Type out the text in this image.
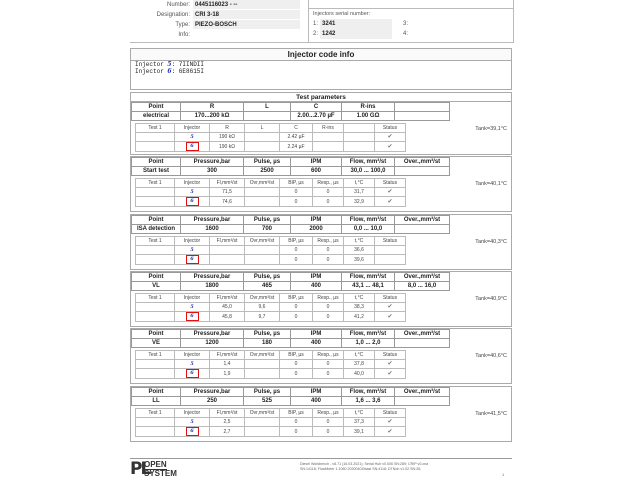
Number: 0445116023 - --
Designation: CRI 3-18
Type: PIEZO-BOSCH
Info:
Injectors serial number:
1: 3241	3:
2: 1242	4:
Injector code info
Injector 5: 7IINDII
Injector 6: 6E8615I
Test parameters
Point	R	L	C	R-ins	
electrical	170...200 kΩ		2.00...2.70 µF	1.00 GΩ	
Test 1	Injector	R	L	C	R-ins		Status
	5	190 kΩ		2.42 µF			✔
	6	190 kΩ		2.24 µF			✔
Tank=39,1°C
Point	Pressure,bar	Pulse, µs	IPM	Flow, mm³/st	Over.,mm³/st
Start test	300	2500	600	30,0 ... 100,0	
Test 1	Injector	Fl,mm³/st	Ovr,mm³/st	BIP, µs	Resp., µs	t,°C	Status
	5	71,5		0	0	31,7	✔
	6	74,6		0	0	32,9	✔
Tank=40,1°C
Point	Pressure,bar	Pulse, µs	IPM	Flow, mm³/st	Over.,mm³/st
ISA detection	1600	700	2000	0,0 ... 10,0	
Test 1	Injector	Fl,mm³/st	Ovr,mm³/st	BIP, µs	Resp., µs	t,°C	Status
	5			0	0	36,6	
	6			0	0	39,6	
Tank=40,3°C
Point	Pressure,bar	Pulse, µs	IPM	Flow, mm³/st	Over.,mm³/st
VL	1800	465	400	43,1 ... 48,1	8,0 ... 16,0
Test 1	Injector	Fl,mm³/st	Ovr,mm³/st	BIP, µs	Resp., µs	t,°C	Status
	5	45,0	9,6	0	0	38,3	✔
	6	45,8	9,7	0	0	41,2	✔
Tank=40,9°C
Point	Pressure,bar	Pulse, µs	IPM	Flow, mm³/st	Over.,mm³/st
VE	1200	180	400	1,0 ... 2,0	
Test 1	Injector	Fl,mm³/st	Ovr,mm³/st	BIP, µs	Resp., µs	t,°C	Status
	5	1,4		0	0	37,8	✔
	6	1,9		0	0	40,0	✔
Tank=40,6°C
Point	Pressure,bar	Pulse, µs	IPM	Flow, mm³/st	Over.,mm³/st
LL	250	525	400	1,6 ... 3,6	
Test 1	Injector	Fl,mm³/st	Ovr,mm³/st	BIP, µs	Resp., µs	t,°C	Status
	5	2,5		0	0	37,3	✔
	6	2,7		0	0	39,1	✔
Tank=41,5°C
PL
OPEN
SYSTEM
Diesel Workbench - v8.71 (16.03.2021); Serial Hub v0.006 SN:289; CRIP v0.cna
SN:14118; FlowMeter 1.1060 2020040Zblast SN:4118; DTNoh v1.02 SN:26;
1
